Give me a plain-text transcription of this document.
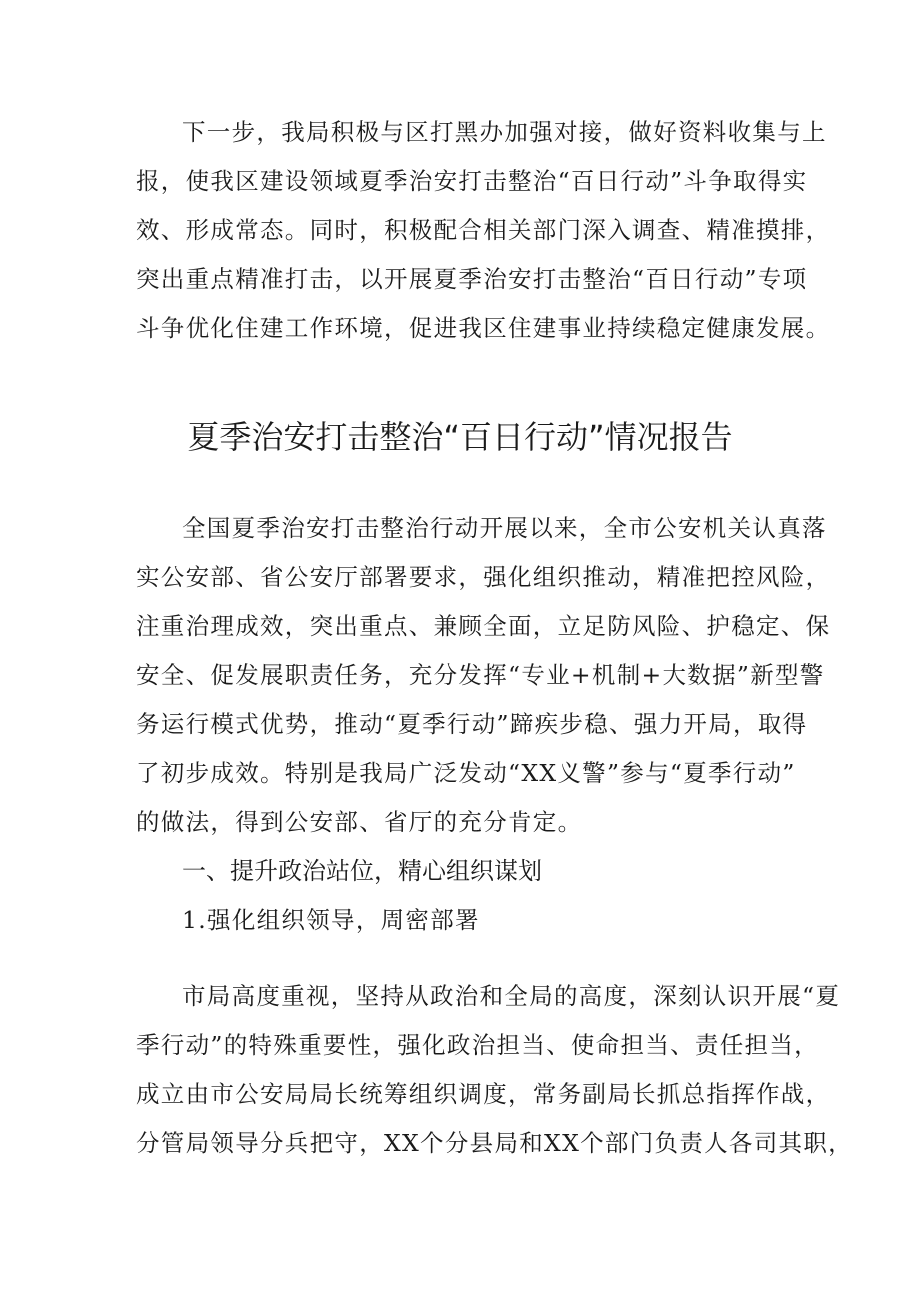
下一步，我局积极与区打黑办加强对接，做好资料收集与上
报，使我区建设领域夏季治安打击整治“百日行动”斗争取得实
效、形成常态。同时，积极配合相关部门深入调查、精准摸排，
突出重点精准打击，以开展夏季治安打击整治“百日行动”专项
斗争优化住建工作环境，促进我区住建事业持续稳定健康发展。
夏季治安打击整治“百日行动”情况报告
全国夏季治安打击整治行动开展以来，全市公安机关认真落
实公安部、省公安厅部署要求，强化组织推动，精准把控风险，
注重治理成效，突出重点、兼顾全面，立足防风险、护稳定、保
安全、促发展职责任务，充分发挥“专业+机制+大数据”新型警
务运行模式优势，推动“夏季行动”蹄疾步稳、强力开局，取得
了初步成效。特别是我局广泛发动“XX义警”参与“夏季行动”
的做法，得到公安部、省厅的充分肯定。
一、提升政治站位，精心组织谋划
1.强化组织领导，周密部署
市局高度重视，坚持从政治和全局的高度，深刻认识开展“夏
季行动”的特殊重要性，强化政治担当、使命担当、责任担当，
成立由市公安局局长统筹组织调度，常务副局长抓总指挥作战，
分管局领导分兵把守，XX个分县局和XX个部门负责人各司其职，
